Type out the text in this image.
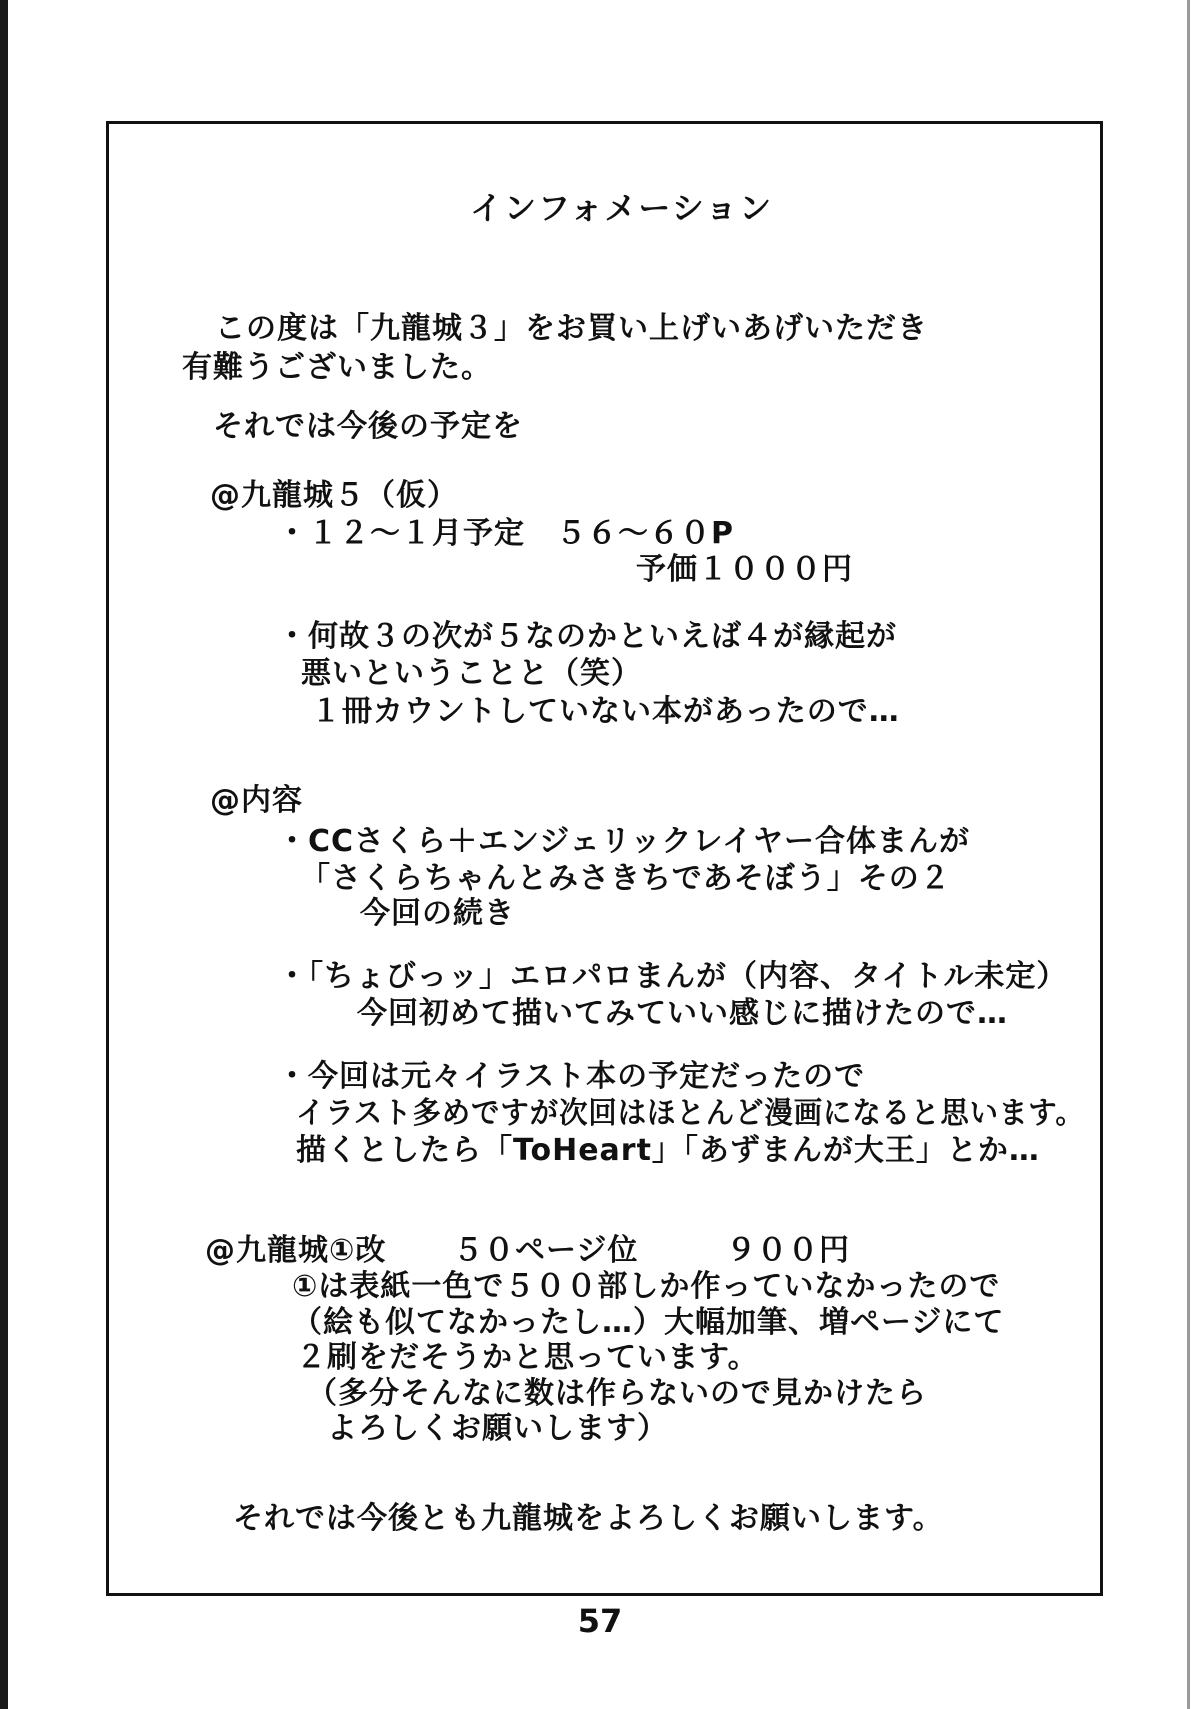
インフォメーション
この度は「九龍城３」をお買い上げいあげいただき
有難うございました。
それでは今後の予定を
@九龍城５（仮）
・１２～１月予定　５６～６０P
予価１０００円
・何故３の次が５なのかといえば４が縁起が
悪いということと（笑）
１冊カウントしていない本があったので…
@内容
・CCさくら＋エンジェリックレイヤー合体まんが
「さくらちゃんとみさきちであそぼう」その２
今回の続き
・「ちょびっッ」エロパロまんが（内容、タイトル未定）
今回初めて描いてみていい感じに描けたので…
・今回は元々イラスト本の予定だったので
イラスト多めですが次回はほとんど漫画になると思います。
描くとしたら「ToHeart」「あずまんが大王」とか…
@九龍城①改 ５０ページ位	９００円
①は表紙一色で５００部しか作っていなかったので
（絵も似てなかったし…）大幅加筆、増ページにて
２刷をだそうかと思っています。
（多分そんなに数は作らないので見かけたら
よろしくお願いします）
それでは今後とも九龍城をよろしくお願いします。
57
